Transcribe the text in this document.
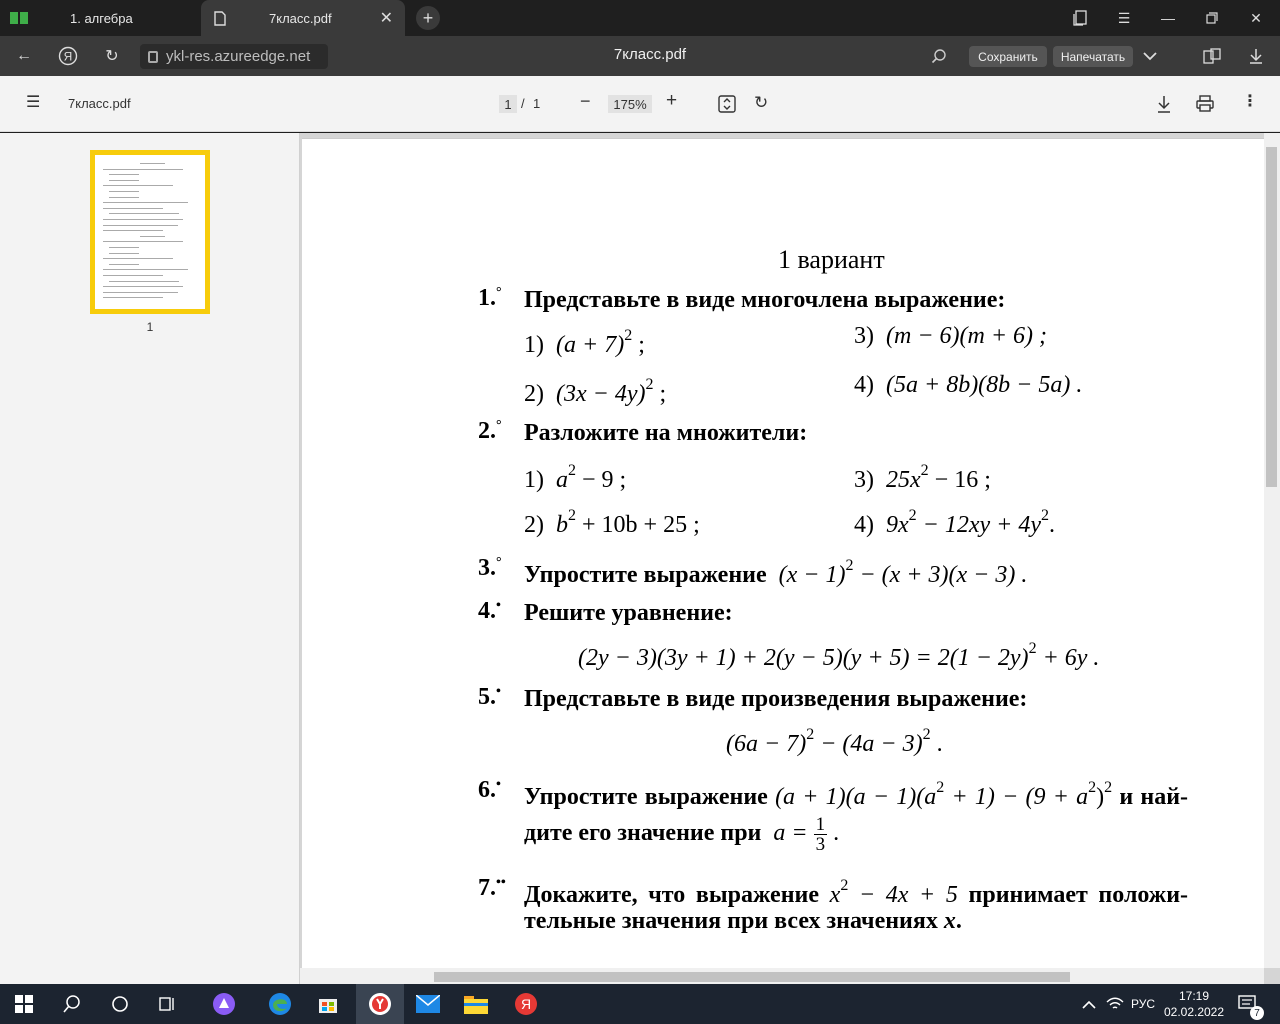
1. алгебра	7класс.pdf	✕	+	☰	—	✕
←	Я	↻	ykl-res.azureedge.net	7класс.pdf	Сохранить	Напечатать
☰ 7класс.pdf	1 / 1 −	175% +	↻	⋮
1
1 вариант
1.° Представьте в виде многочлена выражение:
1) $(a + 7)^2$ ;	3) (m − 6)(m + 6) ;
2) $(3x - 4y)^2$ ;	4) (5a + 8b)(8b − 5a) .
2.° Разложите на множители:
1) $a^2 - 9$ ;	3) $25x^2 - 16$ ;
2) $b^2 + 10b + 25$ ;	4) $9x^2 - 12xy + 4y^2$.
3.° Упростите выражение $(x - 1)^2 - (x + 3)(x - 3)$ .
4.• Решите уравнение:
$(2y - 3)(3y + 1) + 2(y - 5)(y + 5) = 2(1 - 2y)^2 + 6y$ .
5.• Представьте в виде произведения выражение:
$(6a - 7)^2 - (4a - 3)^2$ .
6.• Упростите выражение $(a + 1)(a - 1)(a^2 + 1) - (9 + a^2)^2$ и най-
дите его значение при $a = \frac{1}{3}$ .
7.•• Докажите, что выражение $x^2 - 4x + 5$ принимает положи-
тельные значения при всех значениях x.
Я	РУС
17:19
02.02.2022	7
